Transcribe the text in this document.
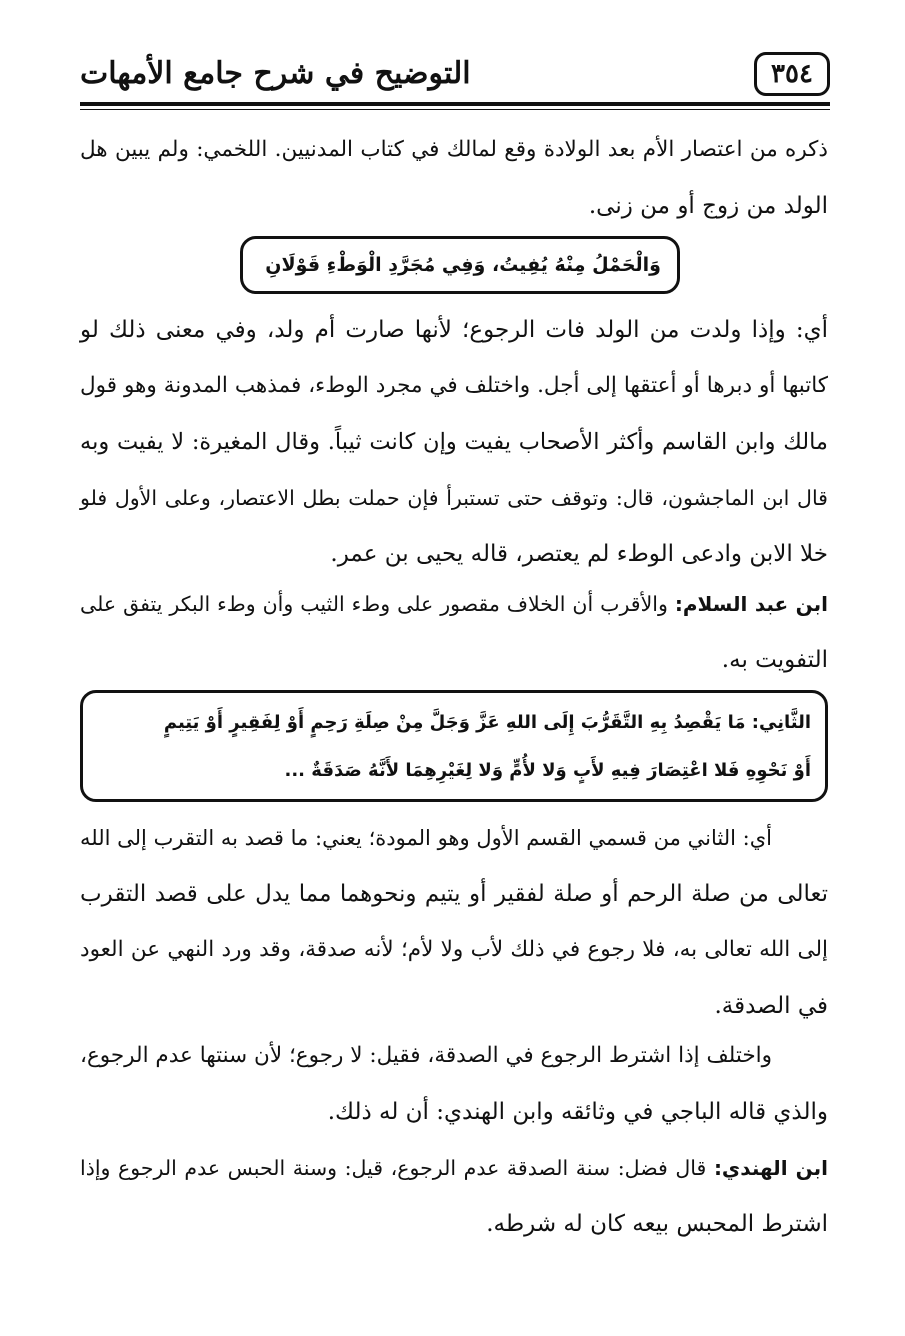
٣٥٤
التوضيح في شرح جامع الأمهات

ذكره من اعتصار الأم بعد الولادة وقع لمالك في كتاب المدنيين. اللخمي: ولم يبين هل
الولد من زوج أو من زنى.

وَالْحَمْلُ مِنْهُ يُفِيتُ، وَفِي مُجَرَّدِ الْوَطْءِ قَوْلَانِ

أي: وإذا ولدت من الولد فات الرجوع؛ لأنها صارت أم ولد، وفي معنى ذلك لو
كاتبها أو دبرها أو أعتقها إلى أجل. واختلف في مجرد الوطء، فمذهب المدونة وهو قول
مالك وابن القاسم وأكثر الأصحاب يفيت وإن كانت ثيباً. وقال المغيرة: لا يفيت وبه
قال ابن الماجشون، قال: وتوقف حتى تستبرأ فإن حملت بطل الاعتصار، وعلى الأول فلو
خلا الابن وادعى الوطء لم يعتصر، قاله يحيى بن عمر.

ابن عبد السلام: والأقرب أن الخلاف مقصور على وطء الثيب وأن وطء البكر يتفق على
التفويت به.

الثَّانِي: مَا يَقْصِدُ بِهِ التَّقَرُّبَ إِلَى اللهِ عَزَّ وَجَلَّ مِنْ صِلَةِ رَحِمٍ أَوْ لِفَقِيرٍ أَوْ يَتِيمٍ
أَوْ نَحْوِهِ فَلا اعْتِصَارَ فِيهِ لأَبٍ وَلا لأُمٍّ وَلا لِغَيْرِهِمَا لأَنَّهُ صَدَقَةٌ ...

أي: الثاني من قسمي القسم الأول وهو المودة؛ يعني: ما قصد به التقرب إلى الله
تعالى من صلة الرحم أو صلة لفقير أو يتيم ونحوهما مما يدل على قصد التقرب
إلى الله تعالى به، فلا رجوع في ذلك لأب ولا لأم؛ لأنه صدقة، وقد ورد النهي عن العود
في الصدقة.

واختلف إذا اشترط الرجوع في الصدقة، فقيل: لا رجوع؛ لأن سنتها عدم الرجوع،
والذي قاله الباجي في وثائقه وابن الهندي: أن له ذلك.

ابن الهندي: قال فضل: سنة الصدقة عدم الرجوع، قيل: وسنة الحبس عدم الرجوع وإذا
اشترط المحبس بيعه كان له شرطه.
